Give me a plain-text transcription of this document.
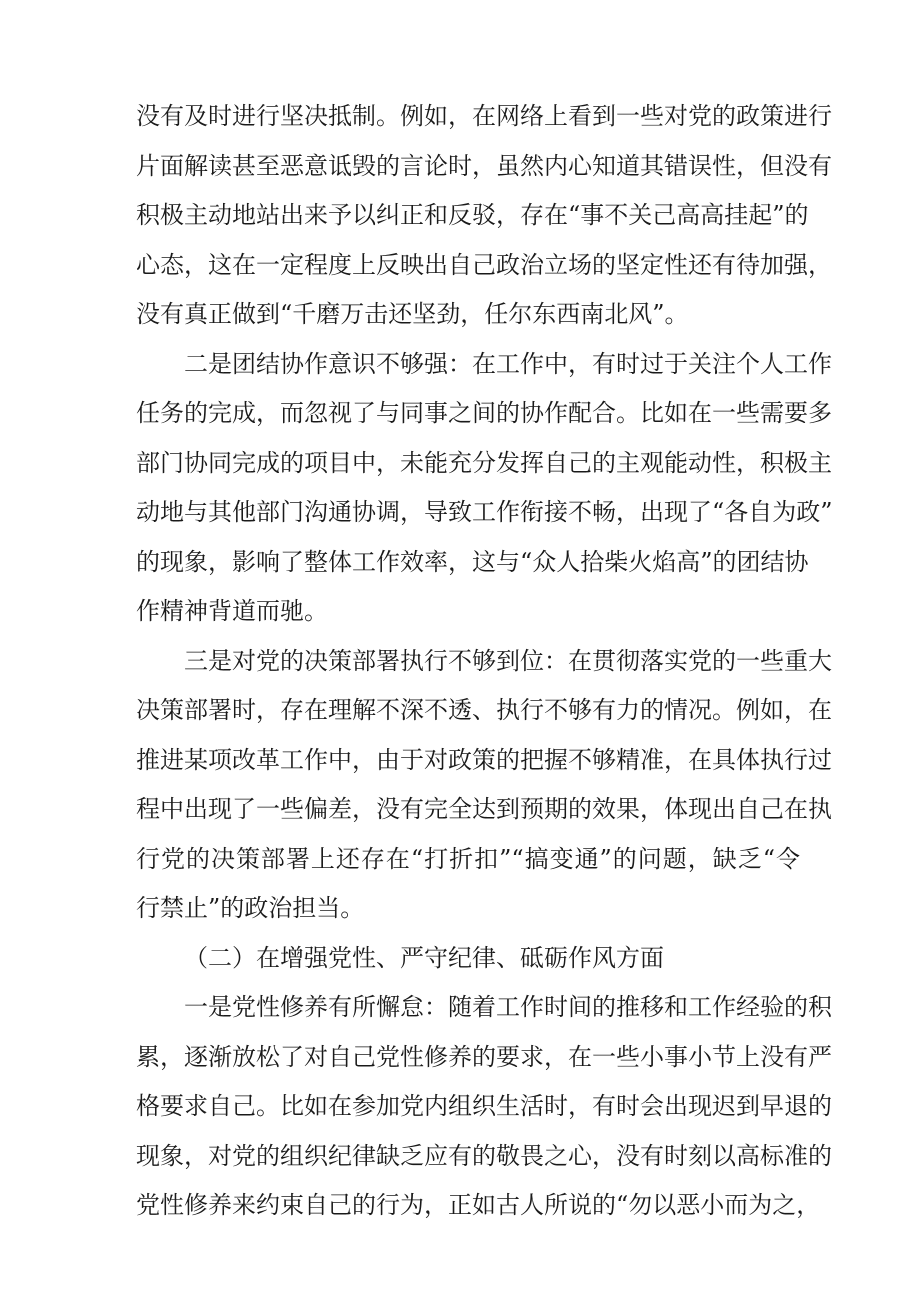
没有及时进行坚决抵制。例如，在网络上看到一些对党的政策进行
片面解读甚至恶意诋毁的言论时，虽然内心知道其错误性，但没有
积极主动地站出来予以纠正和反驳，存在“事不关己高高挂起”的
心态，这在一定程度上反映出自己政治立场的坚定性还有待加强，
没有真正做到“千磨万击还坚劲，任尔东西南北风”。
二是团结协作意识不够强：在工作中，有时过于关注个人工作
任务的完成，而忽视了与同事之间的协作配合。比如在一些需要多
部门协同完成的项目中，未能充分发挥自己的主观能动性，积极主
动地与其他部门沟通协调，导致工作衔接不畅，出现了“各自为政”
的现象，影响了整体工作效率，这与“众人拾柴火焰高”的团结协
作精神背道而驰。
三是对党的决策部署执行不够到位：在贯彻落实党的一些重大
决策部署时，存在理解不深不透、执行不够有力的情况。例如，在
推进某项改革工作中，由于对政策的把握不够精准，在具体执行过
程中出现了一些偏差，没有完全达到预期的效果，体现出自己在执
行党的决策部署上还存在“打折扣”“搞变通”的问题，缺乏“令
行禁止”的政治担当。
（二）在增强党性、严守纪律、砥砺作风方面
一是党性修养有所懈怠：随着工作时间的推移和工作经验的积
累，逐渐放松了对自己党性修养的要求，在一些小事小节上没有严
格要求自己。比如在参加党内组织生活时，有时会出现迟到早退的
现象，对党的组织纪律缺乏应有的敬畏之心，没有时刻以高标准的
党性修养来约束自己的行为，正如古人所说的“勿以恶小而为之，
